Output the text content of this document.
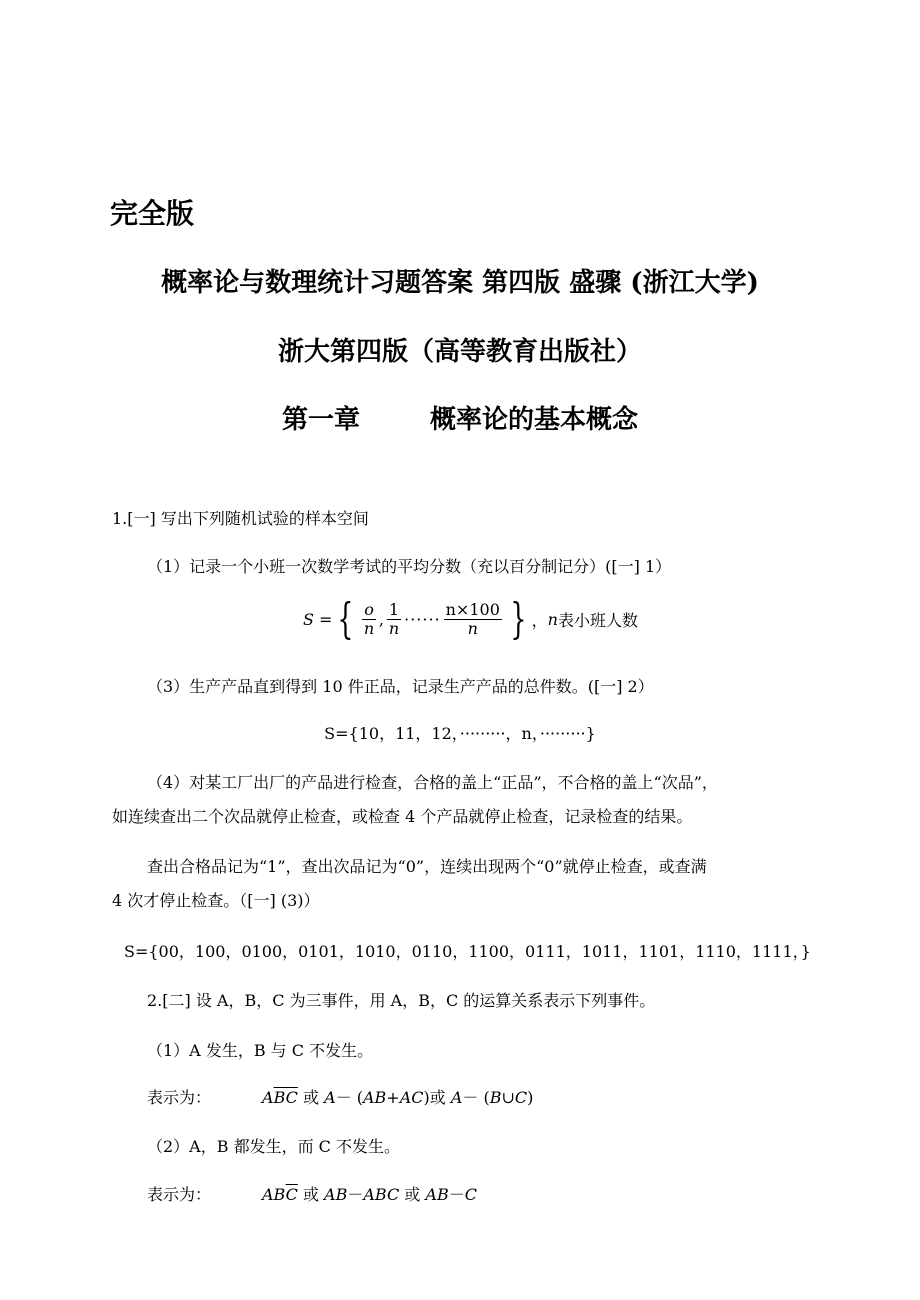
完全版
概率论与数理统计习题答案 第四版 盛骤 (浙江大学)
浙大第四版（高等教育出版社）
第一章	概率论的基本概念
1.[一] 写出下列随机试验的样本空间
（1）记录一个小班一次数学考试的平均分数（充以百分制记分）([一] 1）
S = { $\frac{o}{n}$ , $\frac{1}{n}$ ······ $\frac{n\times 100}{n}$ } ， n 表小班人数
（3）生产产品直到得到 10 件正品，记录生产产品的总件数。([一] 2）
S={10，11，12，·········，n，·········}
（4）对某工厂出厂的产品进行检查，合格的盖上“正品”，不合格的盖上“次品”，
如连续查出二个次品就停止检查，或检查 4 个产品就停止检查，记录检查的结果。
查出合格品记为“1”，查出次品记为“0”，连续出现两个“0”就停止检查，或查满
4 次才停止检查。（[一] (3)）
S={00，100，0100，0101，1010，0110，1100，0111，1011，1101，1110，1111，}
2.[二] 设 A，B，C 为三事件，用 A，B，C 的运算关系表示下列事件。
（1）A 发生，B 与 C 不发生。
表示为：	$A\overline{B}\overline{C}$ 或 A－ (AB+AC)或 A－ (B∪C)
（2）A，B 都发生，而 C 不发生。
表示为：	$AB\overline{C}$ 或 AB－ABC 或 AB－C
